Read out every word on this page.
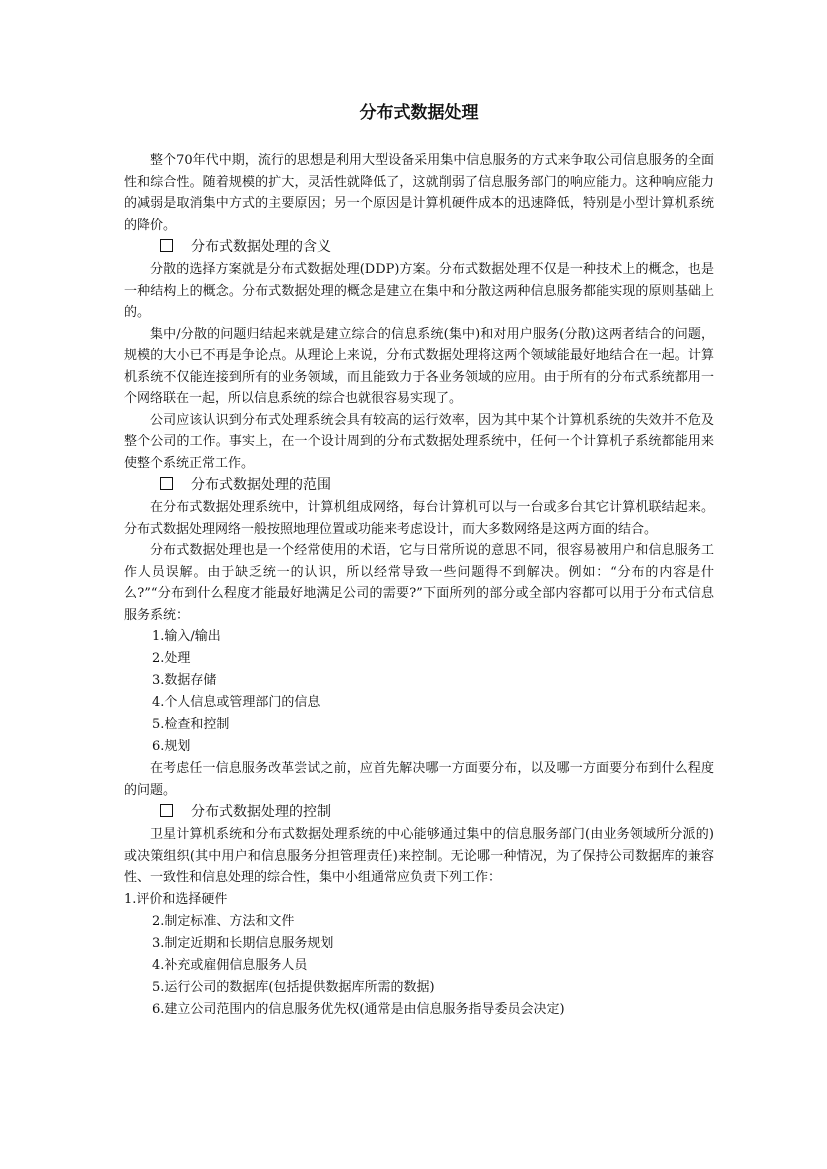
分布式数据处理

整个70年代中期，流行的思想是利用大型设备采用集中信息服务的方式来争取公司信息服务的全面性和综合性。随着规模的扩大，灵活性就降低了，这就削弱了信息服务部门的响应能力。这种响应能力的减弱是取消集中方式的主要原因；另一个原因是计算机硬件成本的迅速降低，特别是小型计算机系统的降价。

分布式数据处理的含义

分散的选择方案就是分布式数据处理(DDP)方案。分布式数据处理不仅是一种技术上的概念，也是一种结构上的概念。分布式数据处理的概念是建立在集中和分散这两种信息服务都能实现的原则基础上的。

集中/分散的问题归结起来就是建立综合的信息系统(集中)和对用户服务(分散)这两者结合的问题，规模的大小已不再是争论点。从理论上来说，分布式数据处理将这两个领域能最好地结合在一起。计算机系统不仅能连接到所有的业务领域，而且能致力于各业务领域的应用。由于所有的分布式系统都用一个网络联在一起，所以信息系统的综合也就很容易实现了。

公司应该认识到分布式处理系统会具有较高的运行效率，因为其中某个计算机系统的失效并不危及整个公司的工作。事实上，在一个设计周到的分布式数据处理系统中，任何一个计算机子系统都能用来使整个系统正常工作。

分布式数据处理的范围

在分布式数据处理系统中，计算机组成网络，每台计算机可以与一台或多台其它计算机联结起来。分布式数据处理网络一般按照地理位置或功能来考虑设计，而大多数网络是这两方面的结合。

分布式数据处理也是一个经常使用的术语，它与日常所说的意思不同，很容易被用户和信息服务工作人员误解。由于缺乏统一的认识，所以经常导致一些问题得不到解决。例如：“分布的内容是什么?”“分布到什么程度才能最好地满足公司的需要?”下面所列的部分或全部内容都可以用于分布式信息服务系统：

1.输入/输出
2.处理
3.数据存储
4.个人信息或管理部门的信息
5.检查和控制
6.规划

在考虑任一信息服务改革尝试之前，应首先解决哪一方面要分布，以及哪一方面要分布到什么程度的问题。

分布式数据处理的控制

卫星计算机系统和分布式数据处理系统的中心能够通过集中的信息服务部门(由业务领域所分派的)或决策组织(其中用户和信息服务分担管理责任)来控制。无论哪一种情况，为了保持公司数据库的兼容性、一致性和信息处理的综合性，集中小组通常应负责下列工作：

1.评价和选择硬件
2.制定标准、方法和文件
3.制定近期和长期信息服务规划
4.补充或雇佣信息服务人员
5.运行公司的数据库(包括提供数据库所需的数据)
6.建立公司范围内的信息服务优先权(通常是由信息服务指导委员会决定)
